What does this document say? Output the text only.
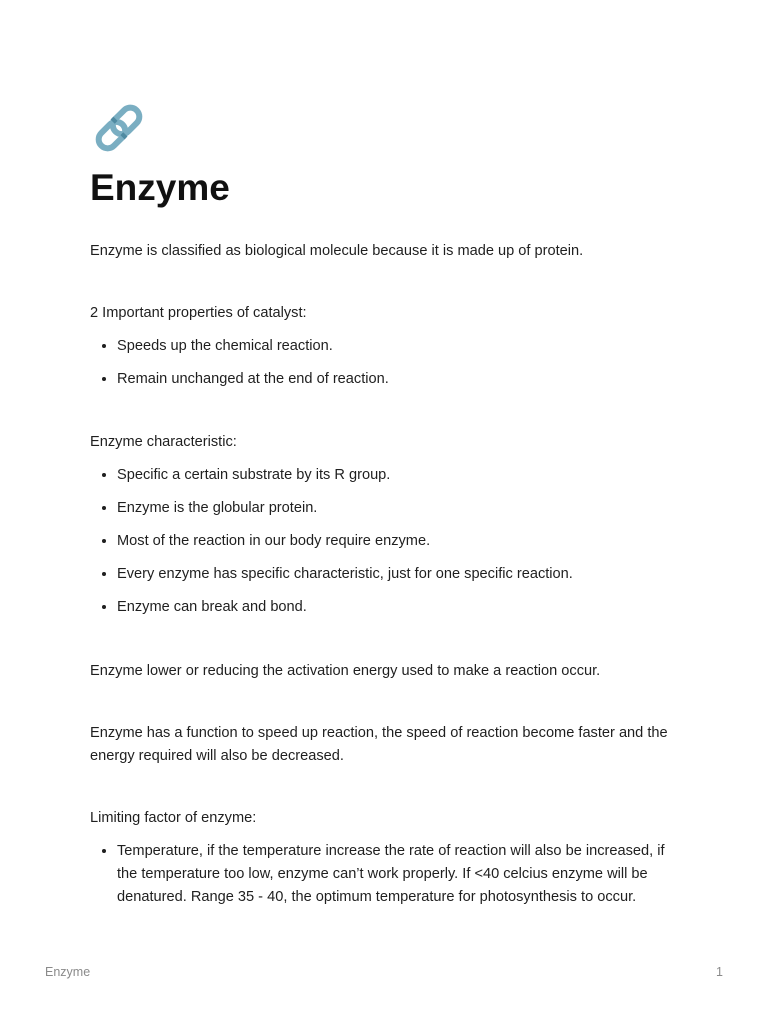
Enzyme

Enzyme is classified as biological molecule because it is made up of protein.

2 Important properties of catalyst:

• Speeds up the chemical reaction.
• Remain unchanged at the end of reaction.

Enzyme characteristic:

• Specific a certain substrate by its R group.
• Enzyme is the globular protein.
• Most of the reaction in our body require enzyme.
• Every enzyme has specific characteristic, just for one specific reaction.
• Enzyme can break and bond.

Enzyme lower or reducing the activation energy used to make a reaction occur.

Enzyme has a function to speed up reaction, the speed of reaction become faster and the energy required will also be decreased.

Limiting factor of enzyme:

• Temperature, if the temperature increase the rate of reaction will also be increased, if the temperature too low, enzyme can’t work properly. If <40 celcius enzyme will be denatured. Range 35 - 40, the optimum temperature for photosynthesis to occur.
Enzyme	1
